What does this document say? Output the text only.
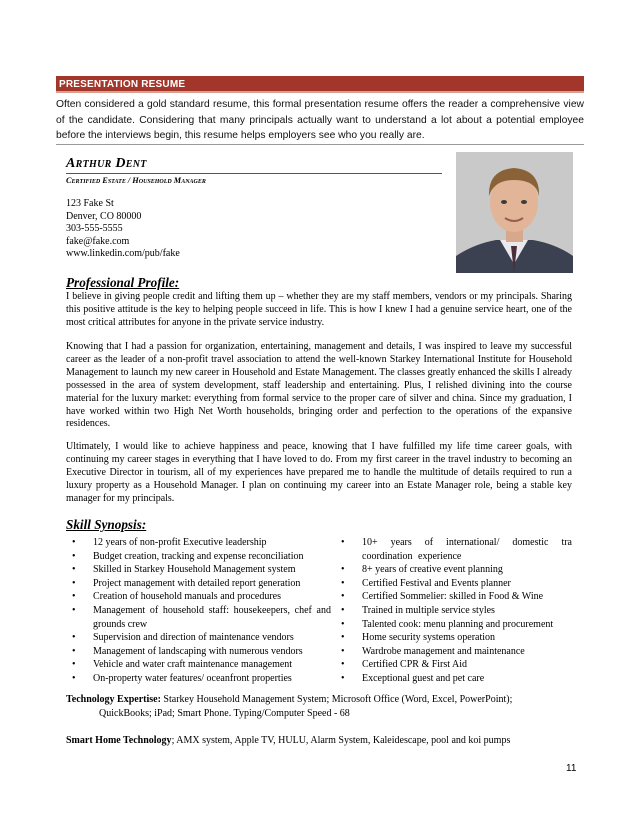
PRESENTATION RESUME
Often considered a gold standard resume, this formal presentation resume offers the reader a comprehensive view of the candidate. Considering that many principals actually want to understand a lot about a potential employee before the interviews begin, this resume helps employers see who you really are.
Arthur Dent
Certified Estate / Household Manager
123 Fake St
Denver, CO 80000
303-555-5555
fake@fake.com
www.linkedin.com/pub/fake
Professional Profile:
I believe in giving people credit and lifting them up – whether they are my staff members, vendors or my principals. Sharing this positive attitude is the key to helping people succeed in life. This is how I knew I had a genuine service heart, one of the most critical attributes for anyone in the private service industry.
Knowing that I had a passion for organization, entertaining, management and details, I was inspired to leave my successful career as the leader of a non-profit travel association to attend the well-known Starkey International Institute for Household Management to launch my new career in Household and Estate Management. The classes greatly enhanced the skills I already possessed in the area of system development, staff leadership and entertaining. Plus, I relished divining into the course material for the luxury market: everything from formal service to the proper care of silver and china. Since my graduation, I have worked within two High Net Worth households, bringing order and perfection to the operations of the expansive residences.
Ultimately, I would like to achieve happiness and peace, knowing that I have fulfilled my life time career goals, with continuing my career stages in everything that I have loved to do. From my first career in the travel industry to becoming an Executive Director in tourism, all of my experiences have prepared me to handle the multitude of details required to run a luxury property as a Household Manager. I plan on continuing my career into an Estate Manager role, being a stable key manager for my principals.
Skill Synopsis:
• 12 years of non-profit Executive leadership
• Budget creation, tracking and expense reconciliation
• Skilled in Starkey Household Management system
• Project management with detailed report generation
• Creation of household manuals and procedures
• Management of household staff: housekeepers, chef and grounds crew
• Supervision and direction of maintenance vendors
• Management of landscaping with numerous vendors
• Vehicle and water craft maintenance management
• On-property water features/ oceanfront properties
• 10+ years of international/ domestic tra coordination experience
• 8+ years of creative event planning
• Certified Festival and Events planner
• Certified Sommelier: skilled in Food & Wine
• Trained in multiple service styles
• Talented cook: menu planning and procurement
• Home security systems operation
• Wardrobe management and maintenance
• Certified CPR & First Aid
• Exceptional guest and pet care
Technology Expertise: Starkey Household Management System; Microsoft Office (Word, Excel, PowerPoint);
QuickBooks; iPad; Smart Phone. Typing/Computer Speed - 68
Smart Home Technology; AMX system, Apple TV, HULU, Alarm System, Kaleidescape, pool and koi pumps
11
